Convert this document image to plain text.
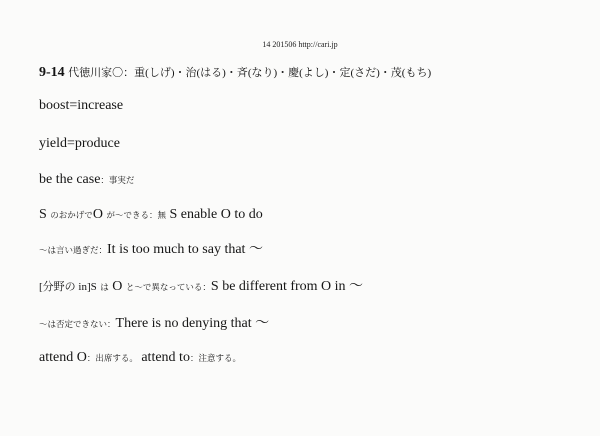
14 201506 http://cari.jp
9-14 代徳川家〇：重(しげ)・治(はる)・斉(なり)・慶(よし)・定(さだ)・茂(もち)
boost=increase
yield=produce
be the case：事実だ
S のおかげでO が〜できる：無 S enable O to do
〜は言い過ぎだ：It is too much to say that 〜
[分野の in]S は O と〜で異なっている：S be different from O in 〜
〜は否定できない：There is no denying that 〜
attend O：出席する。 attend to：注意する。
